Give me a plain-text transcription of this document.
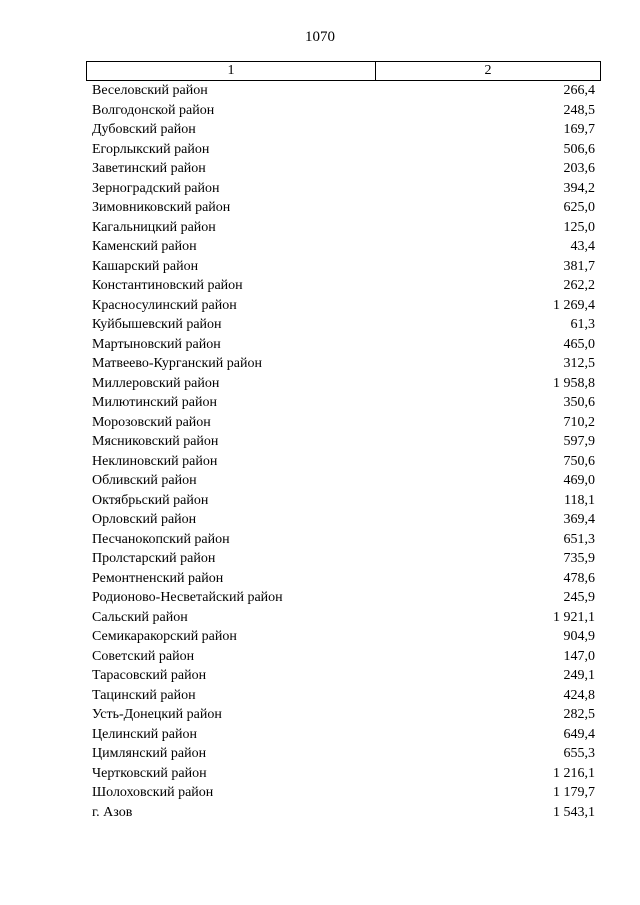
1070
1	2
Веселовский район	266,4
Волгодонской район	248,5
Дубовский район	169,7
Егорлыкский район	506,6
Заветинский район	203,6
Зерноградский район	394,2
Зимовниковский район	625,0
Кагальницкий район	125,0
Каменский район	43,4
Кашарский район	381,7
Константиновский район	262,2
Красносулинский район	1 269,4
Куйбышевский район	61,3
Мартыновский район	465,0
Матвеево-Курганский район	312,5
Миллеровский район	1 958,8
Милютинский район	350,6
Морозовский район	710,2
Мясниковский район	597,9
Неклиновский район	750,6
Обливский район	469,0
Октябрьский район	118,1
Орловский район	369,4
Песчанокопский район	651,3
Пролстарский район	735,9
Ремонтненский район	478,6
Родионово-Несветайский район	245,9
Сальский район	1 921,1
Семикаракорский район	904,9
Советский район	147,0
Тарасовский район	249,1
Тацинский район	424,8
Усть-Донецкий район	282,5
Целинский район	649,4
Цимлянский район	655,3
Чертковский район	1 216,1
Шолоховский район	1 179,7
г. Азов	1 543,1
